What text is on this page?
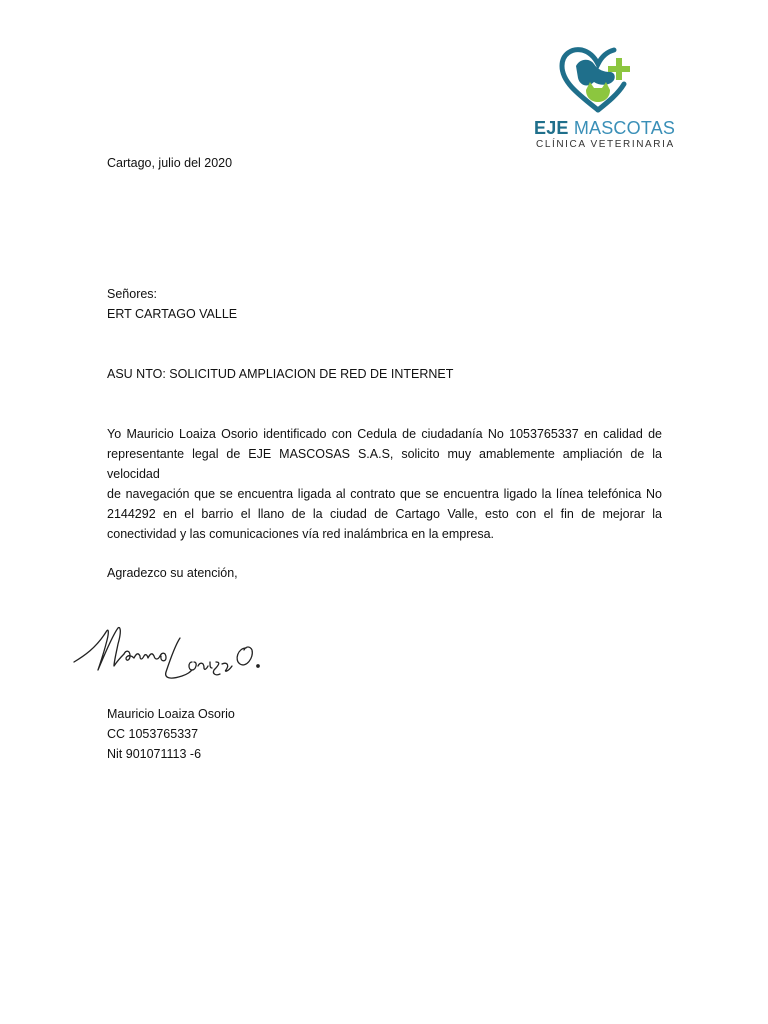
EJE MASCOTAS
CLÍNICA VETERINARIA
Cartago, julio del 2020
Señores:
ERT CARTAGO VALLE
ASU NTO: SOLICITUD AMPLIACION DE RED DE INTERNET
Yo Mauricio Loaiza Osorio identificado con Cedula de ciudadanía No 1053765337 en calidad de
representante legal de EJE MASCOSAS S.A.S, solicito muy amablemente ampliación de la velocidad
de navegación que se encuentra ligada al contrato que se encuentra ligado la línea telefónica No
2144292 en el barrio el llano de la ciudad de Cartago Valle, esto con el fin de mejorar la
conectividad y las comunicaciones vía red inalámbrica en la empresa.
Agradezco su atención,
Mauricio Loaiza Osorio
CC 1053765337
Nit 901071113 -6
